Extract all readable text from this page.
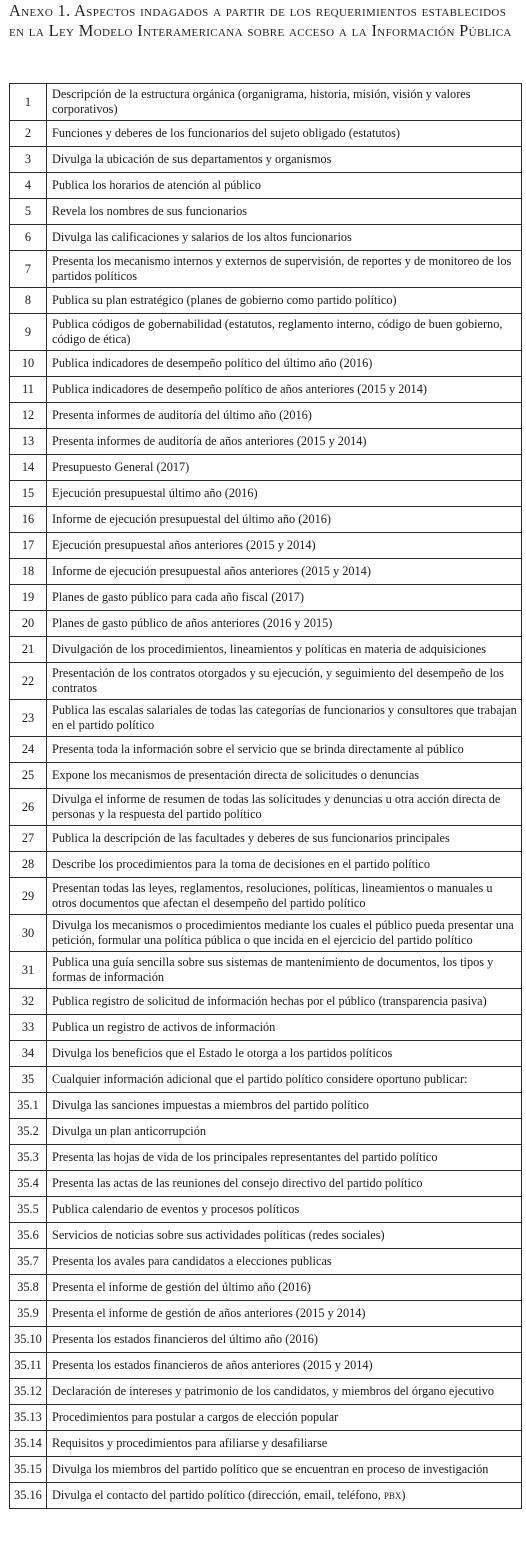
Anexo 1. Aspectos indagados a partir de los requerimientos establecidos en la Ley Modelo Interamericana sobre acceso a la Información Pública
1	Descripción de la estructura orgánica (organigrama, historia, misión, visión y valores corporativos)
2	Funciones y deberes de los funcionarios del sujeto obligado (estatutos)
3	Divulga la ubicación de sus departamentos y organismos
4	Publica los horarios de atención al público
5	Revela los nombres de sus funcionarios
6	Divulga las calificaciones y salarios de los altos funcionarios
7	Presenta los mecanismo internos y externos de supervisión, de reportes y de monitoreo de los partidos políticos
8	Publica su plan estratégico (planes de gobierno como partido político)
9	Publica códigos de gobernabilidad (estatutos, reglamento interno, código de buen gobierno, código de ética)
10	Publica indicadores de desempeño político del último año (2016)
11	Publica indicadores de desempeño político de años anteriores (2015 y 2014)
12	Presenta informes de auditoría del último año (2016)
13	Presenta informes de auditoría de años anteriores (2015 y 2014)
14	Presupuesto General (2017)
15	Ejecución presupuestal último año (2016)
16	Informe de ejecución presupuestal del último año (2016)
17	Ejecución presupuestal años anteriores (2015 y 2014)
18	Informe de ejecución presupuestal años anteriores (2015 y 2014)
19	Planes de gasto público para cada año fiscal (2017)
20	Planes de gasto público de años anteriores (2016 y 2015)
21	Divulgación de los procedimientos, lineamientos y políticas en materia de adquisiciones
22	Presentación de los contratos otorgados y su ejecución, y seguimiento del desempeño de los contratos
23	Publica las escalas salariales de todas las categorías de funcionarios y consultores que trabajan en el partido político
24	Presenta toda la información sobre el servicio que se brinda directamente al público
25	Expone los mecanismos de presentación directa de solicitudes o denuncias
26	Divulga el informe de resumen de todas las solicitudes y denuncias u otra acción directa de personas y la respuesta del partido político
27	Publica la descripción de las facultades y deberes de sus funcionarios principales
28	Describe los procedimientos para la toma de decisiones en el partido político
29	Presentan todas las leyes, reglamentos, resoluciones, políticas, lineamientos o manuales u otros documentos que afectan el desempeño del partido político
30	Divulga los mecanismos o procedimientos mediante los cuales el público pueda presentar una petición, formular una política pública o que incida en el ejercicio del partido político
31	Publica una guía sencilla sobre sus sistemas de mantenimiento de documentos, los tipos y formas de información
32	Publica registro de solicitud de información hechas por el público (transparencia pasiva)
33	Publica un registro de activos de información
34	Divulga los beneficios que el Estado le otorga a los partidos políticos
35	Cualquier información adicional que el partido político considere oportuno publicar:
35.1	Divulga las sanciones impuestas a miembros del partido político
35.2	Divulga un plan anticorrupción
35.3	Presenta las hojas de vida de los principales representantes del partido político
35.4	Presenta las actas de las reuniones del consejo directivo del partido político
35.5	Publica calendario de eventos y procesos políticos
35.6	Servicios de noticias sobre sus actividades políticas (redes sociales)
35.7	Presenta los avales para candidatos a elecciones publicas
35.8	Presenta el informe de gestión del último año (2016)
35.9	Presenta el informe de gestión de años anteriores (2015 y 2014)
35.10	Presenta los estados financieros del último año (2016)
35.11	Presenta los estados financieros de años anteriores (2015 y 2014)
35.12	Declaración de intereses y patrimonio de los candidatos, y miembros del órgano ejecutivo
35.13	Procedimientos para postular a cargos de elección popular
35.14	Requisitos y procedimientos para afiliarse y desafiliarse
35.15	Divulga los miembros del partido político que se encuentran en proceso de investigación
35.16	Divulga el contacto del partido político (dirección, email, teléfono, pbx)
